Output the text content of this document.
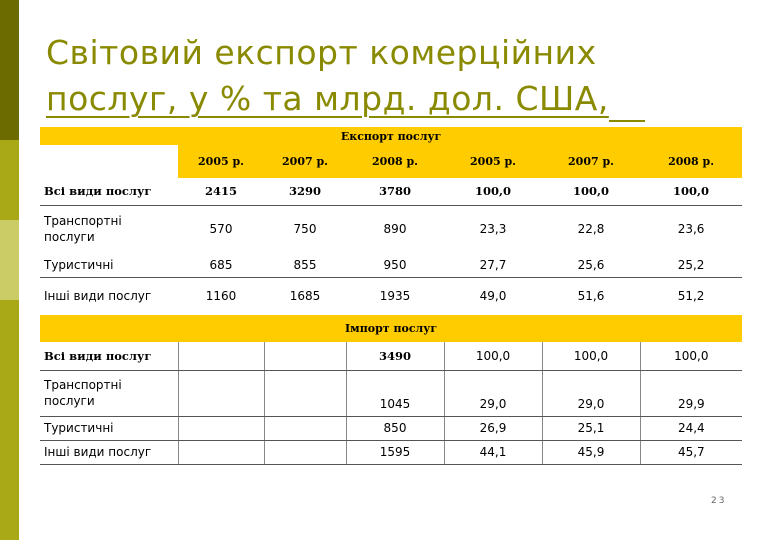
Світовий експорт комерційних
послуг, у % та млрд. дол. США,
Експорт послуг						
	2005 р.	2007 р.	2008 р.	2005 р.	2007 р.	2008 р.
Всі види послуг	2415	3290	3780	100,0	100,0	100,0
Транспортні послуги	570	750	890	23,3	22,8	23,6
Туристичні	685	855	950	27,7	25,6	25,2
Інші види послуг	1160	1685	1935	49,0	51,6	51,2
Імпорт послуг						
Всі види послуг			3490	100,0	100,0	100,0
Транспортні послуги			1045	29,0	29,0	29,9
Туристичні			850	26,9	25,1	24,4
Інші види послуг			1595	44,1	45,9	45,7
23
